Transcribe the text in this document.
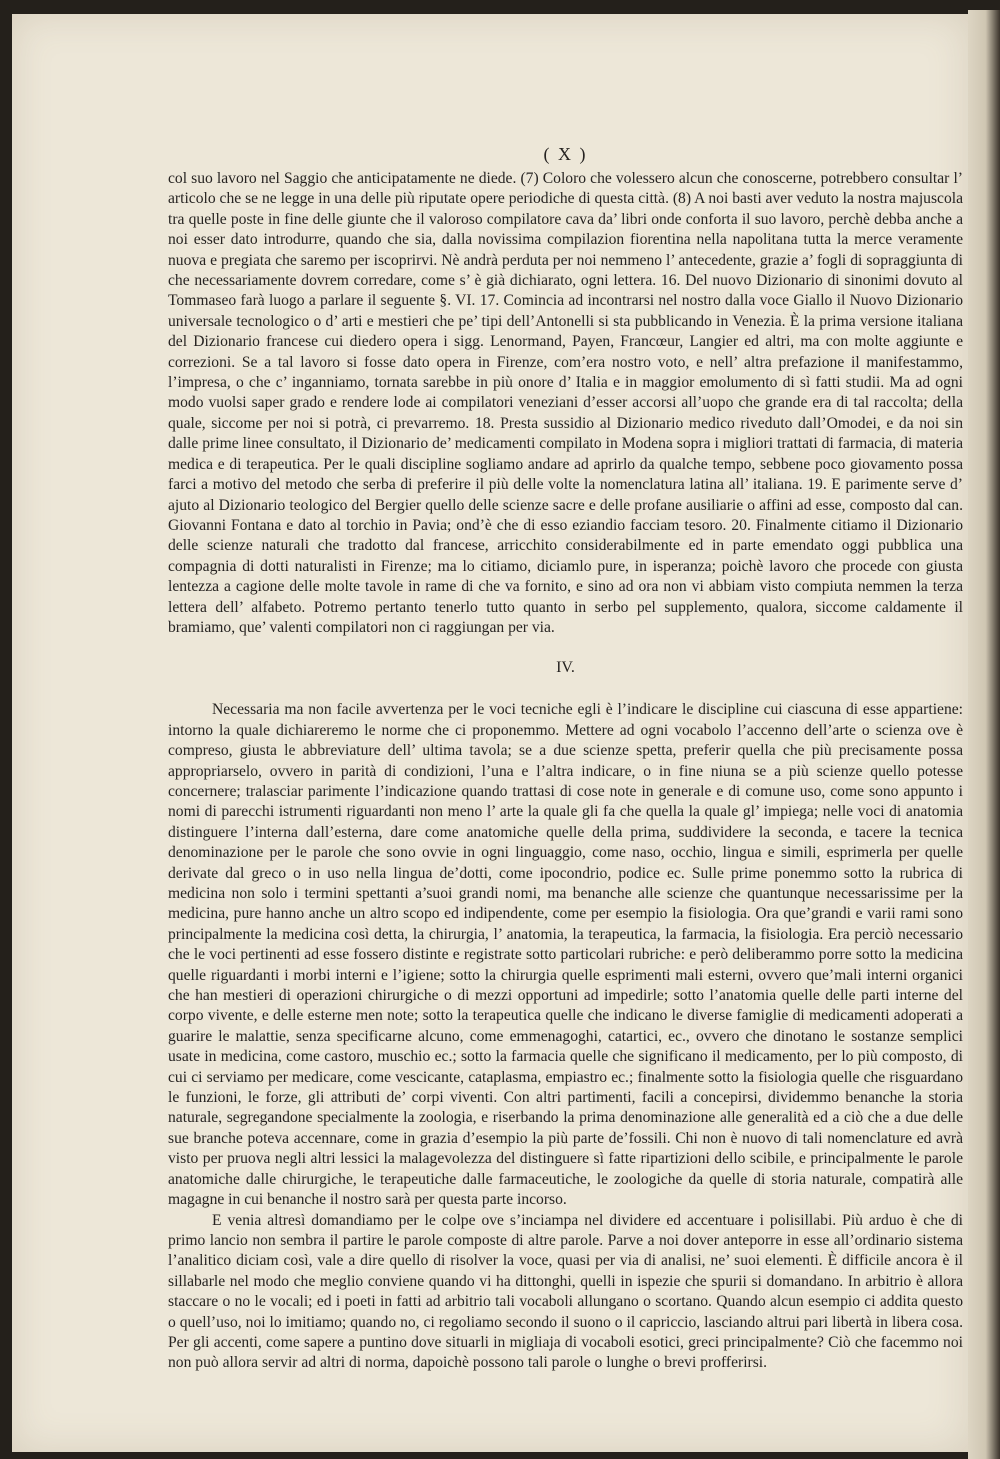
( X )

col suo lavoro nel Saggio che anticipatamente ne diede. (7) Coloro che volessero alcun che conoscerne, potrebbero consultar l’ articolo che se ne legge in una delle più riputate opere periodiche di questa città. (8) A noi basti aver veduto la nostra majuscola tra quelle poste in fine delle giunte che il valoroso compilatore cava da’ libri onde conforta il suo lavoro, perchè debba anche a noi esser dato introdurre, quando che sia, dalla novissima compilazion fiorentina nella napolitana tutta la merce veramente nuova e pregiata che saremo per iscoprirvi. Nè andrà perduta per noi nemmeno l’ antecedente, grazie a’ fogli di sopraggiunta di che necessariamente dovrem corredare, come s’ è già dichiarato, ogni lettera. 16. Del nuovo Dizionario di sinonimi dovuto al Tommaseo farà luogo a parlare il seguente §. VI. 17. Comincia ad incontrarsi nel nostro dalla voce Giallo il Nuovo Dizionario universale tecnologico o d’ arti e mestieri che pe’ tipi dell’Antonelli si sta pubblicando in Venezia. È la prima versione italiana del Dizionario francese cui diedero opera i sigg. Lenormand, Payen, Francœur, Langier ed altri, ma con molte aggiunte e correzioni. Se a tal lavoro si fosse dato opera in Firenze, com’era nostro voto, e nell’ altra prefazione il manifestammo, l’impresa, o che c’ inganniamo, tornata sarebbe in più onore d’ Italia e in maggior emolumento di sì fatti studii. Ma ad ogni modo vuolsi saper grado e rendere lode ai compilatori veneziani d’esser accorsi all’uopo che grande era di tal raccolta; della quale, siccome per noi si potrà, ci prevarremo. 18. Presta sussidio al Dizionario medico riveduto dall’Omodei, e da noi sin dalle prime linee consultato, il Dizionario de’ medicamenti compilato in Modena sopra i migliori trattati di farmacia, di materia medica e di terapeutica. Per le quali discipline sogliamo andare ad aprirlo da qualche tempo, sebbene poco giovamento possa farci a motivo del metodo che serba di preferire il più delle volte la nomenclatura latina all’ italiana. 19. E parimente serve d’ ajuto al Dizionario teologico del Bergier quello delle scienze sacre e delle profane ausiliarie o affini ad esse, composto dal can. Giovanni Fontana e dato al torchio in Pavia; ond’è che di esso eziandio facciam tesoro. 20. Finalmente citiamo il Dizionario delle scienze naturali che tradotto dal francese, arricchito considerabilmente ed in parte emendato oggi pubblica una compagnia di dotti naturalisti in Firenze; ma lo citiamo, diciamlo pure, in isperanza; poichè lavoro che procede con giusta lentezza a cagione delle molte tavole in rame di che va fornito, e sino ad ora non vi abbiam visto compiuta nemmen la terza lettera dell’ alfabeto. Potremo pertanto tenerlo tutto quanto in serbo pel supplemento, qualora, siccome caldamente il bramiamo, que’ valenti compilatori non ci raggiungan per via.

IV.

Necessaria ma non facile avvertenza per le voci tecniche egli è l’indicare le discipline cui ciascuna di esse appartiene: intorno la quale dichiareremo le norme che ci proponemmo. Mettere ad ogni vocabolo l’accenno dell’arte o scienza ove è compreso, giusta le abbreviature dell’ ultima tavola; se a due scienze spetta, preferir quella che più precisamente possa appropriarselo, ovvero in parità di condizioni, l’una e l’altra indicare, o in fine niuna se a più scienze quello potesse concernere; tralasciar parimente l’indicazione quando trattasi di cose note in generale e di comune uso, come sono appunto i nomi di parecchi istrumenti riguardanti non meno l’ arte la quale gli fa che quella la quale gl’ impiega; nelle voci di anatomia distinguere l’interna dall’esterna, dare come anatomiche quelle della prima, suddividere la seconda, e tacere la tecnica denominazione per le parole che sono ovvie in ogni linguaggio, come naso, occhio, lingua e simili, esprimerla per quelle derivate dal greco o in uso nella lingua de’dotti, come ipocondrio, podice ec. Sulle prime ponemmo sotto la rubrica di medicina non solo i termini spettanti a’suoi grandi nomi, ma benanche alle scienze che quantunque necessarissime per la medicina, pure hanno anche un altro scopo ed indipendente, come per esempio la fisiologia. Ora que’grandi e varii rami sono principalmente la medicina così detta, la chirurgia, l’ anatomia, la terapeutica, la farmacia, la fisiologia. Era perciò necessario che le voci pertinenti ad esse fossero distinte e registrate sotto particolari rubriche: e però deliberammo porre sotto la medicina quelle riguardanti i morbi interni e l’igiene; sotto la chirurgia quelle esprimenti mali esterni, ovvero que’mali interni organici che han mestieri di operazioni chirurgiche o di mezzi opportuni ad impedirle; sotto l’anatomia quelle delle parti interne del corpo vivente, e delle esterne men note; sotto la terapeutica quelle che indicano le diverse famiglie di medicamenti adoperati a guarire le malattie, senza specificarne alcuno, come emmenagoghi, catartici, ec., ovvero che dinotano le sostanze semplici usate in medicina, come castoro, muschio ec.; sotto la farmacia quelle che significano il medicamento, per lo più composto, di cui ci serviamo per medicare, come vescicante, cataplasma, empiastro ec.; finalmente sotto la fisiologia quelle che risguardano le funzioni, le forze, gli attributi de’ corpi viventi. Con altri partimenti, facili a concepirsi, dividemmo benanche la storia naturale, segregandone specialmente la zoologia, e riserbando la prima denominazione alle generalità ed a ciò che a due delle sue branche poteva accennare, come in grazia d’esempio la più parte de’fossili. Chi non è nuovo di tali nomenclature ed avrà visto per pruova negli altri lessici la malagevolezza del distinguere sì fatte ripartizioni dello scibile, e principalmente le parole anatomiche dalle chirurgiche, le terapeutiche dalle farmaceutiche, le zoologiche da quelle di storia naturale, compatirà alle magagne in cui benanche il nostro sarà per questa parte incorso.

E venia altresì domandiamo per le colpe ove s’inciampa nel dividere ed accentuare i polisillabi. Più arduo è che di primo lancio non sembra il partire le parole composte di altre parole. Parve a noi dover anteporre in esse all’ordinario sistema l’analitico diciam così, vale a dire quello di risolver la voce, quasi per via di analisi, ne’ suoi elementi. È difficile ancora è il sillabarle nel modo che meglio conviene quando vi ha dittonghi, quelli in ispezie che spurii si domandano. In arbitrio è allora staccare o no le vocali; ed i poeti in fatti ad arbitrio tali vocaboli allungano o scortano. Quando alcun esempio ci addita questo o quell’uso, noi lo imitiamo; quando no, ci regoliamo secondo il suono o il capriccio, lasciando altrui pari libertà in libera cosa. Per gli accenti, come sapere a puntino dove situarli in migliaja di vocaboli esotici, greci principalmente? Ciò che facemmo noi non può allora servir ad altri di norma, dapoichè possono tali parole o lunghe o brevi profferirsi.
